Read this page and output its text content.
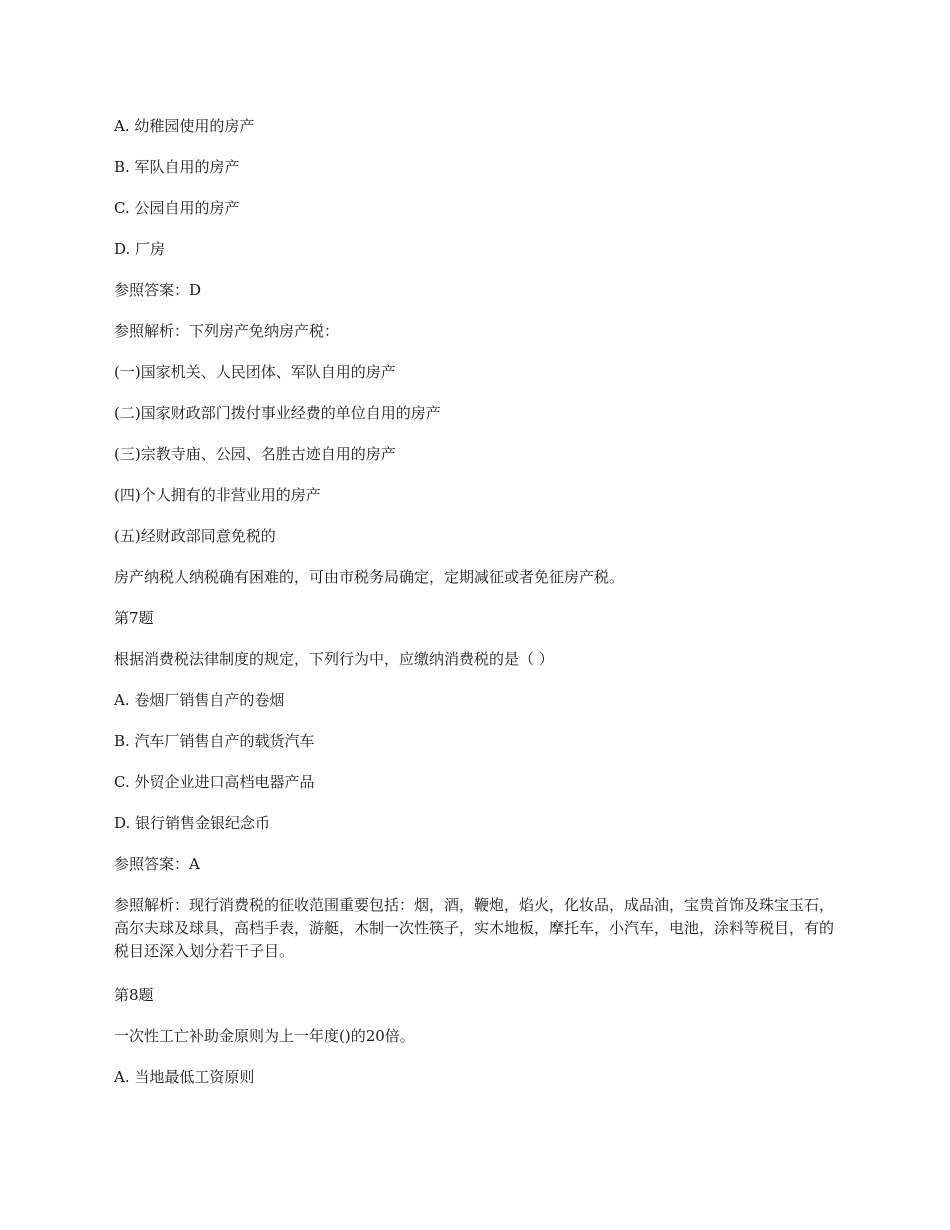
A. 幼稚园使用的房产
B. 军队自用的房产
C. 公园自用的房产
D. 厂房
参照答案：D
参照解析：下列房产免纳房产税：
(一)国家机关、人民团体、军队自用的房产
(二)国家财政部门拨付事业经费的单位自用的房产
(三)宗教寺庙、公园、名胜古迹自用的房产
(四)个人拥有的非营业用的房产
(五)经财政部同意免税的
房产纳税人纳税确有困难的，可由市税务局确定，定期减征或者免征房产税。
第7题
根据消费税法律制度的规定，下列行为中，应缴纳消费税的是（ ）
A. 卷烟厂销售自产的卷烟
B. 汽车厂销售自产的载货汽车
C. 外贸企业进口高档电器产品
D. 银行销售金银纪念币
参照答案：A
参照解析：现行消费税的征收范围重要包括：烟，酒，鞭炮，焰火，化妆品，成品油，宝贵首饰及珠宝玉石，高尔夫球及球具，高档手表，游艇，木制一次性筷子，实木地板，摩托车，小汽车，电池，涂料等税目，有的税目还深入划分若干子目。
第8题
一次性工亡补助金原则为上一年度()的20倍。
A. 当地最低工资原则
